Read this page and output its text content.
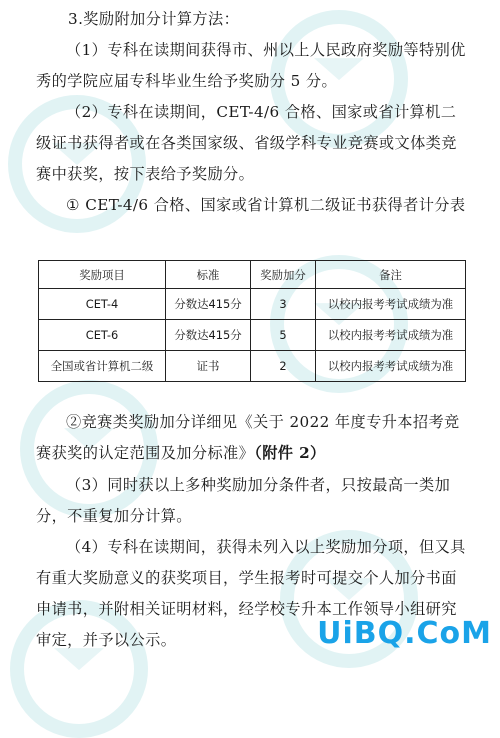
3.奖励附加分计算方法：

（1）专科在读期间获得市、州以上人民政府奖励等特别优秀的学院应届专科毕业生给予奖励分 5 分。

（2）专科在读期间，CET-4/6 合格、国家或省计算机二级证书获得者或在各类国家级、省级学科专业竞赛或文体类竞赛中获奖，按下表给予奖励分。

① CET-4/6 合格、国家或省计算机二级证书获得者计分表

奖励项目	标准	奖励加分	备注
CET-4	分数达415分	3	以校内报考考试成绩为准
CET-6	分数达415分	5	以校内报考考试成绩为准
全国或省计算机二级	证书	2	以校内报考考试成绩为准

②竞赛类奖励加分详细见《关于 2022 年度专升本招考竞赛获奖的认定范围及加分标准》（附件 2）

（3）同时获以上多种奖励加分条件者，只按最高一类加分，不重复加分计算。

（4）专科在读期间，获得未列入以上奖励加分项，但又具有重大奖励意义的获奖项目，学生报考时可提交个人加分书面申请书，并附相关证明材料，经学校专升本工作领导小组研究审定，并予以公示。	UiBQ . CoM
